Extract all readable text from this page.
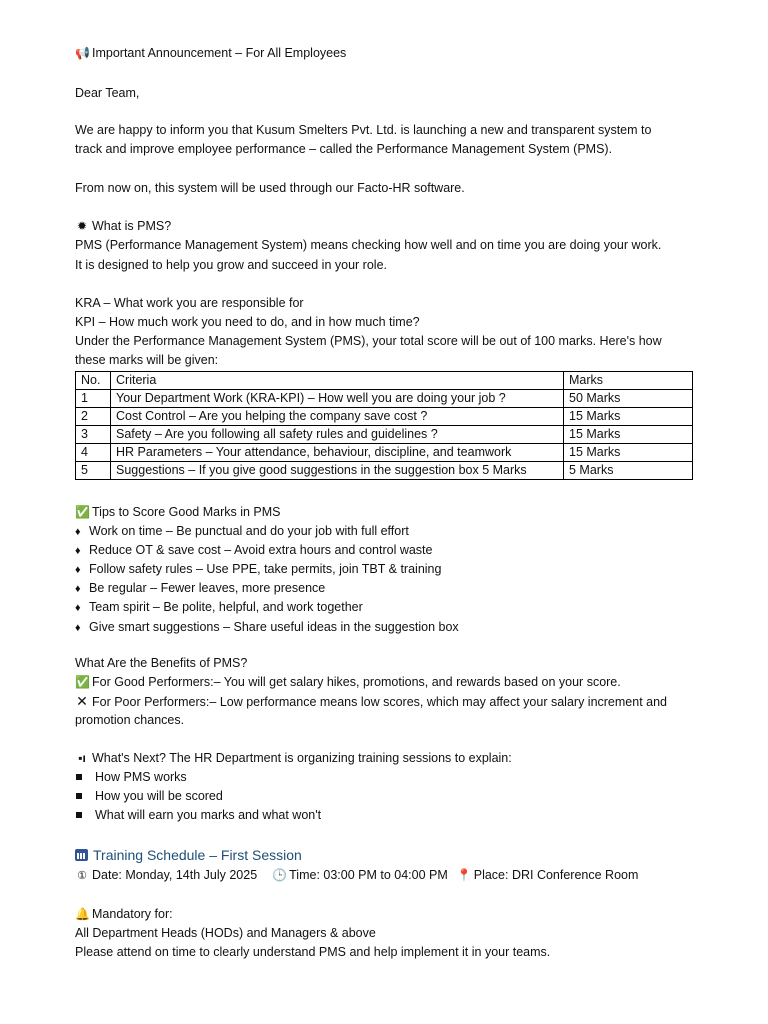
📢 Important Announcement – For All Employees
Dear Team,
We are happy to inform you that Kusum Smelters Pvt. Ltd. is launching a new and transparent system to
track and improve employee performance – called the Performance Management System (PMS).
From now on, this system will be used through our Facto-HR software.
✹ What is PMS?
PMS (Performance Management System) means checking how well and on time you are doing your work.
It is designed to help you grow and succeed in your role.
KRA – What work you are responsible for
KPI – How much work you need to do, and in how much time?
Under the Performance Management System (PMS), your total score will be out of 100 marks. Here's how
these marks will be given:
No.	Criteria	Marks
1	Your Department Work (KRA-KPI) – How well you are doing your job ?	50 Marks
2	Cost Control – Are you helping the company save cost ?	15 Marks
3	Safety – Are you following all safety rules and guidelines ?	15 Marks
4	HR Parameters – Your attendance, behaviour, discipline, and teamwork	15 Marks
5	Suggestions – If you give good suggestions in the suggestion box 5 Marks	5 Marks
✅ Tips to Score Good Marks in PMS
♦ Work on time – Be punctual and do your job with full effort
♦ Reduce OT & save cost – Avoid extra hours and control waste
♦ Follow safety rules – Use PPE, take permits, join TBT & training
♦ Be regular – Fewer leaves, more presence
♦ Team spirit – Be polite, helpful, and work together
♦ Give smart suggestions – Share useful ideas in the suggestion box
What Are the Benefits of PMS?
✅ For Good Performers:– You will get salary hikes, promotions, and rewards based on your score.
✕ For Poor Performers:– Low performance means low scores, which may affect your salary increment and
promotion chances.
▪ı What's Next? The HR Department is organizing training sessions to explain:
How PMS works
How you will be scored
What will earn you marks and what won't
Training Schedule – First Session
① Date: Monday, 14th July 2025 🕒 Time: 03:00 PM to 04:00 PM 📍 Place: DRI Conference Room
🔔 Mandatory for:
All Department Heads (HODs) and Managers & above
Please attend on time to clearly understand PMS and help implement it in your teams.
